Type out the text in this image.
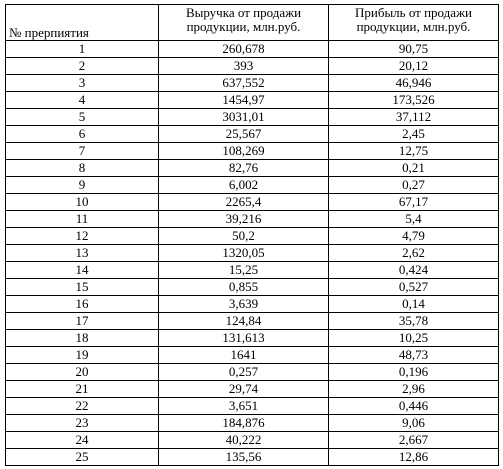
№ прерпиятия	Выручка от продажи продукции, млн.руб.	Прибыль от продажи продукции, млн.руб.
1	260,678	90,75
2	393	20,12
3	637,552	46,946
4	1454,97	173,526
5	3031,01	37,112
6	25,567	2,45
7	108,269	12,75
8	82,76	0,21
9	6,002	0,27
10	2265,4	67,17
11	39,216	5,4
12	50,2	4,79
13	1320,05	2,62
14	15,25	0,424
15	0,855	0,527
16	3,639	0,14
17	124,84	35,78
18	131,613	10,25
19	1641	48,73
20	0,257	0,196
21	29,74	2,96
22	3,651	0,446
23	184,876	9,06
24	40,222	2,667
25	135,56	12,86
